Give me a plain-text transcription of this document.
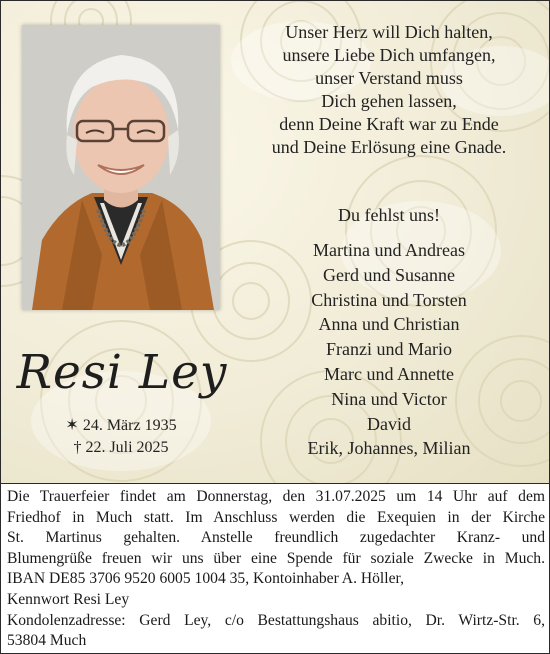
Resi Ley
✶ 24. März 1935
† 22. Juli 2025
Unser Herz will Dich halten,
unsere Liebe Dich umfangen,
unser Verstand muss
Dich gehen lassen,
denn Deine Kraft war zu Ende
und Deine Erlösung eine Gnade.
Du fehlst uns!
Martina und Andreas
Gerd und Susanne
Christina und Torsten
Anna und Christian
Franzi und Mario
Marc und Annette
Nina und Victor
David
Erik, Johannes, Milian

Die Trauerfeier findet am Donnerstag, den 31.07.2025 um 14 Uhr auf dem

Friedhof in Much statt. Im Anschluss werden die Exequien in der Kirche

St. Martinus gehalten. Anstelle freundlich zugedachter Kranz- und

Blumengrüße freuen wir uns über eine Spende für soziale Zwecke in Much.

IBAN DE85 3706 9520 6005 1004 35, Kontoinhaber A. Höller,

Kennwort Resi Ley

Kondolenzadresse: Gerd Ley, c/o Bestattungshaus abitio, Dr. Wirtz-Str. 6,

53804 Much
